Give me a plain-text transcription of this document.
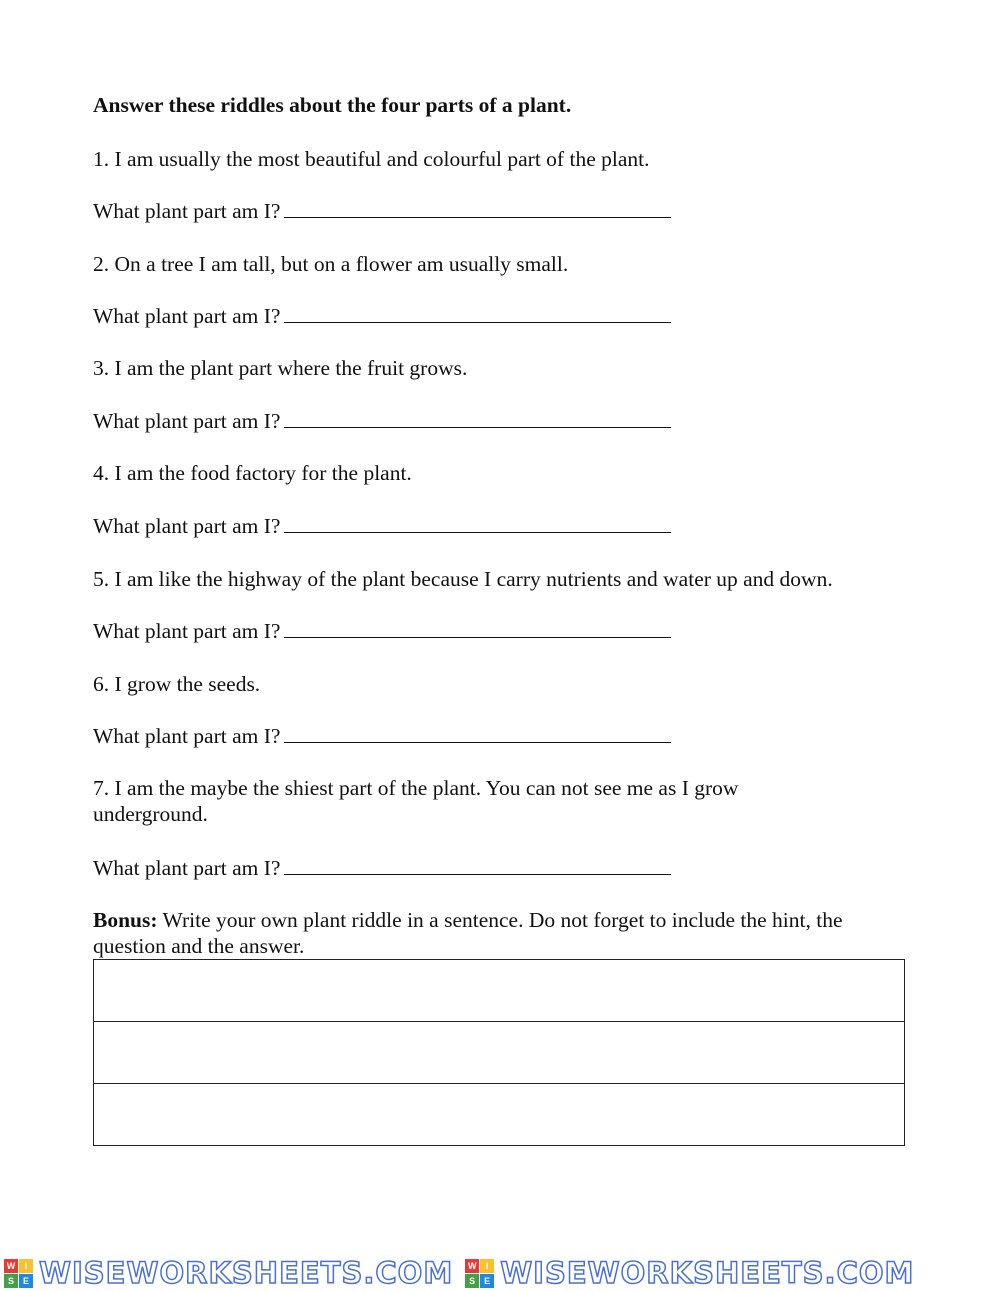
Answer these riddles about the four parts of a plant.
1. I am usually the most beautiful and colourful part of the plant.
What plant part am I?
2. On a tree I am tall, but on a flower am usually small.
What plant part am I?
3. I am the plant part where the fruit grows.
What plant part am I?
4. I am the food factory for the plant.
What plant part am I?
5. I am like the highway of the plant because I carry nutrients and water up and down.
What plant part am I?
6. I grow the seeds.
What plant part am I?
7. I am the maybe the shiest part of the plant. You can not see me as I grow underground.
What plant part am I?
Bonus: Write your own plant riddle in a sentence. Do not forget to include the hint, the question and the answer.
W	I
S E WISEWORKSHEETS.COM	W	I
S E WISEWORKSHEETS.COM
